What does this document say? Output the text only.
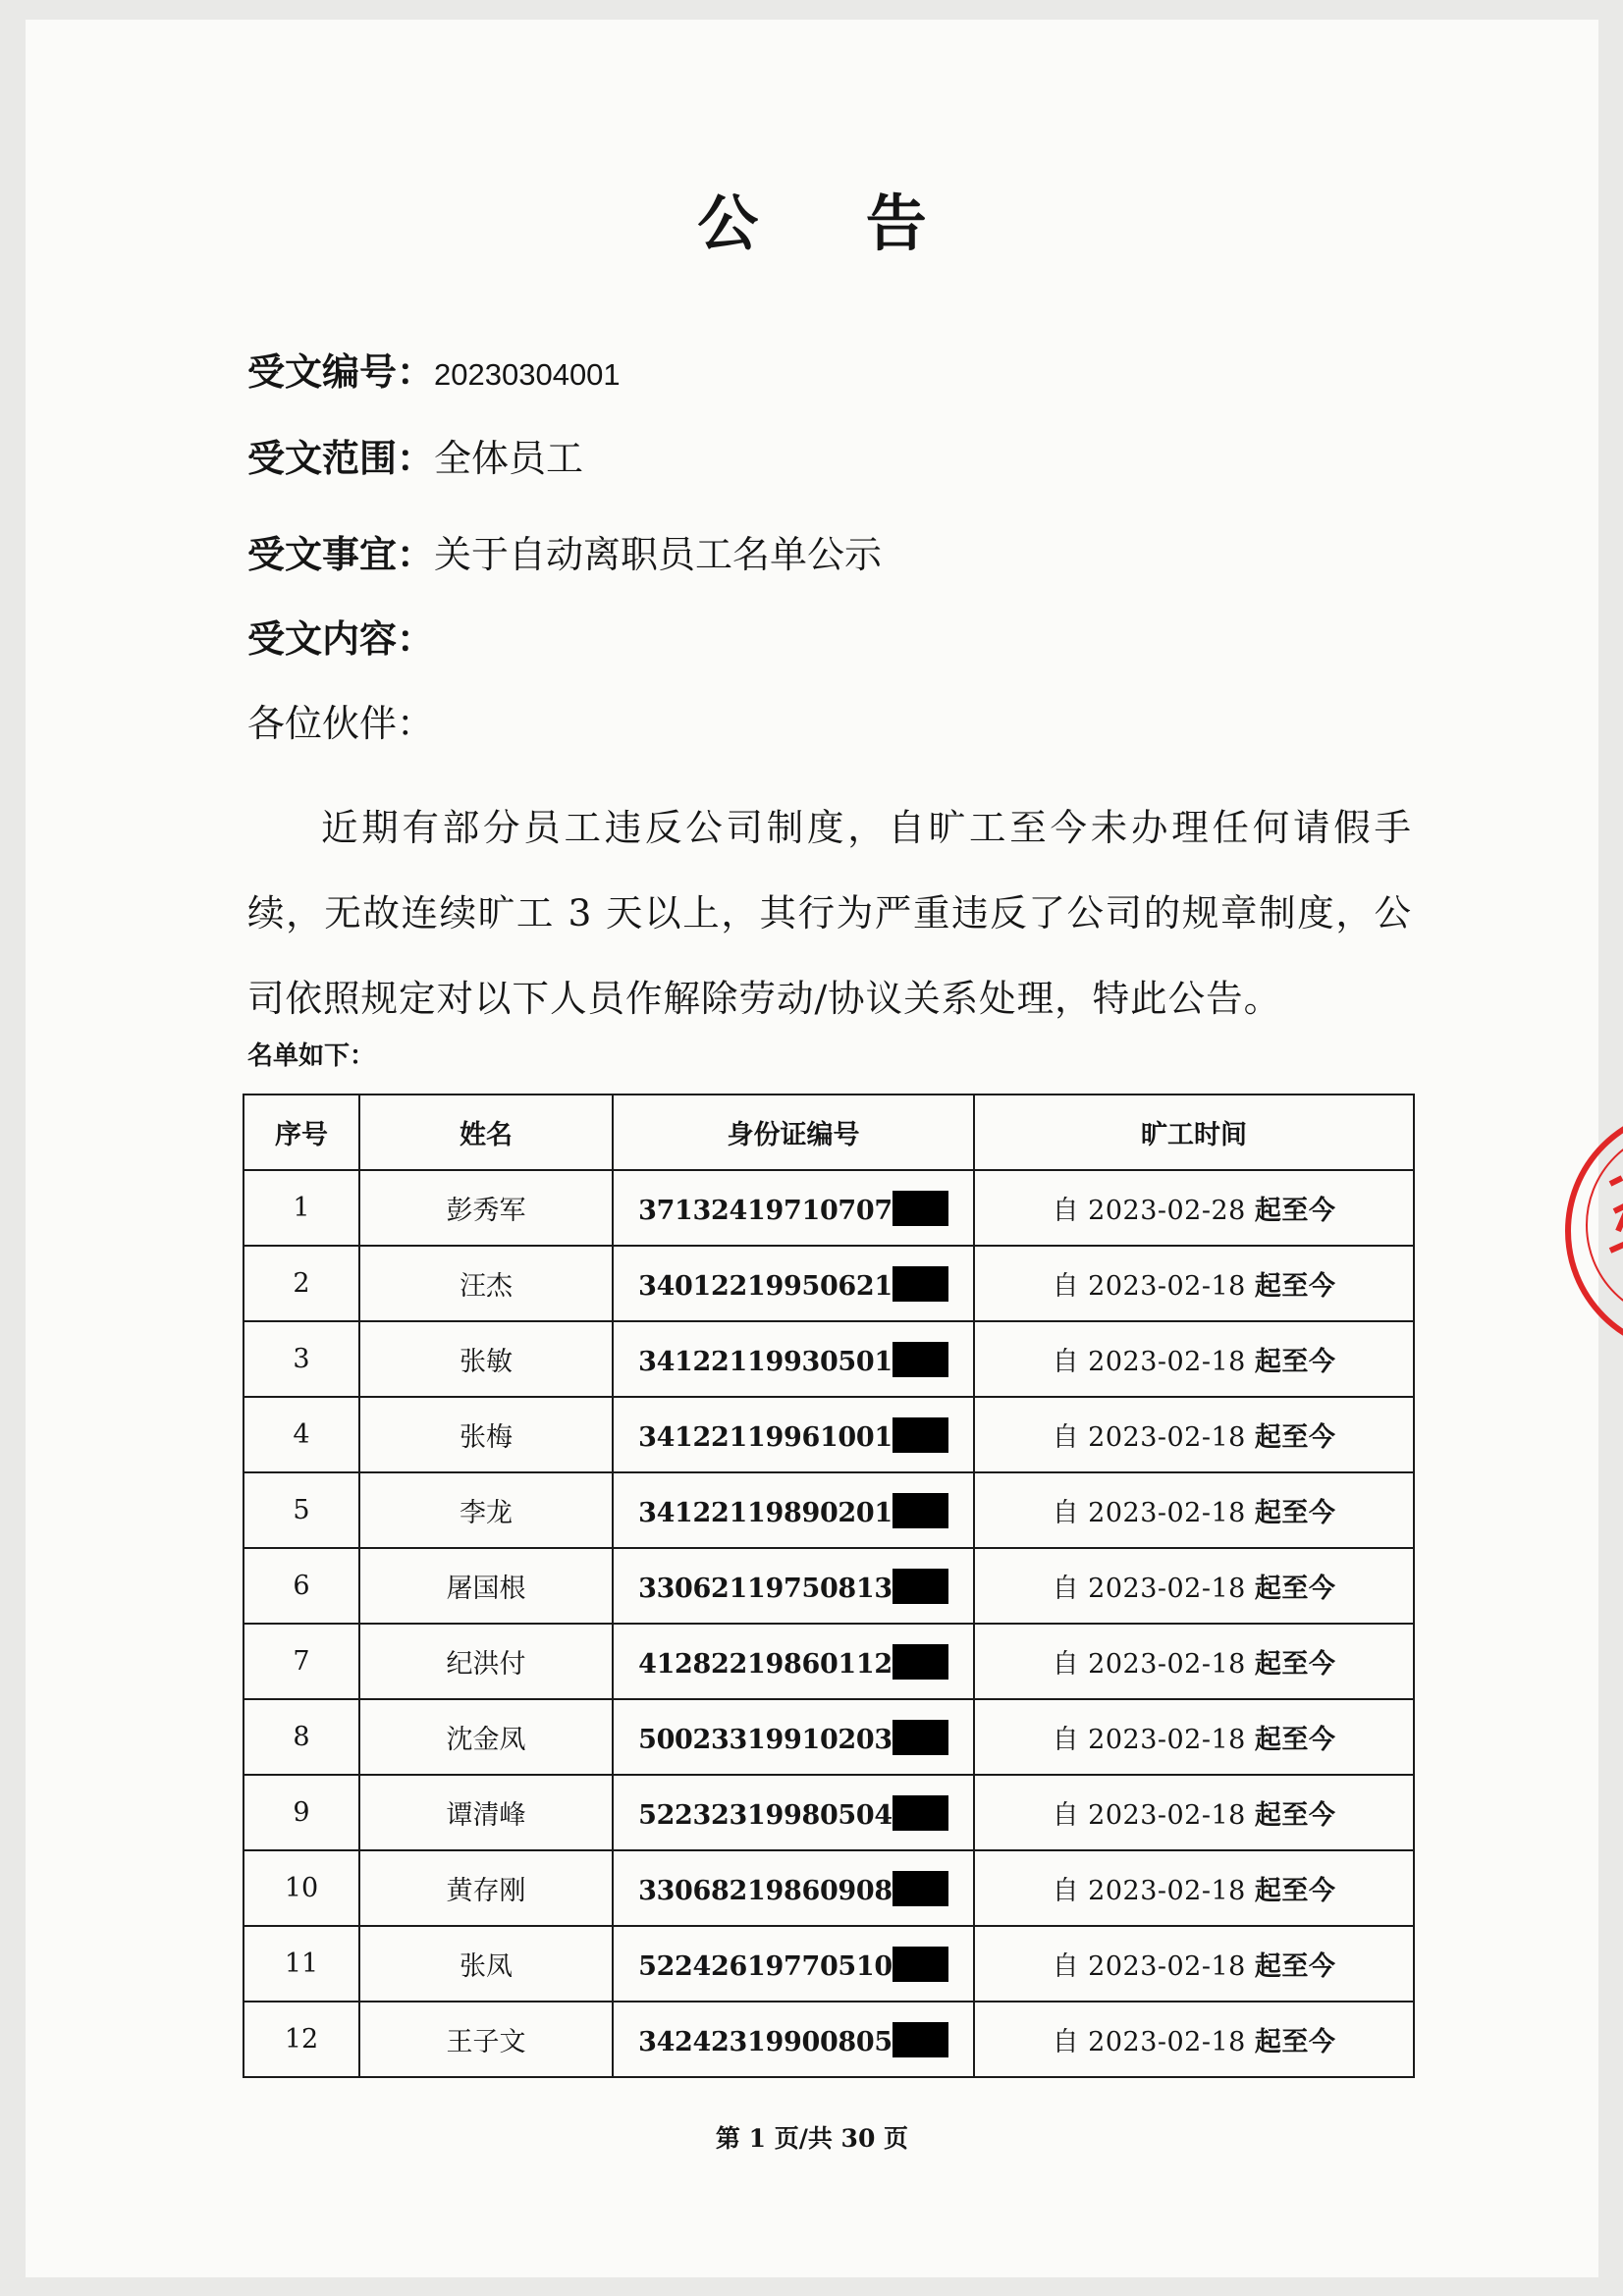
公 告
受文编号：20230304001
受文范围：全体员工
受文事宜：关于自动离职员工名单公示
受文内容：
各位伙伴：
近期有部分员工违反公司制度，自旷工至今未办理任何请假手续，无故连续旷工 3 天以上，其行为严重违反了公司的规章制度，公司依照规定对以下人员作解除劳动/协议关系处理，特此公告。
名单如下：
序号	姓名	身份证编号	旷工时间
1	彭秀军	37132419710707	自 2023-02-28 起至今
2	汪杰	34012219950621	自 2023-02-18 起至今
3	张敏	34122119930501	自 2023-02-18 起至今
4	张梅	34122119961001	自 2023-02-18 起至今
5	李龙	34122119890201	自 2023-02-18 起至今
6	屠国根	33062119750813	自 2023-02-18 起至今
7	纪洪付	41282219860112	自 2023-02-18 起至今
8	沈金凤	50023319910203	自 2023-02-18 起至今
9	谭清峰	52232319980504	自 2023-02-18 起至今
10	黄存刚	33068219860908	自 2023-02-18 起至今
11	张凤	52242619770510	自 2023-02-18 起至今
12	王子文	34242319900805	自 2023-02-18 起至今
第 1 页/共 30 页
